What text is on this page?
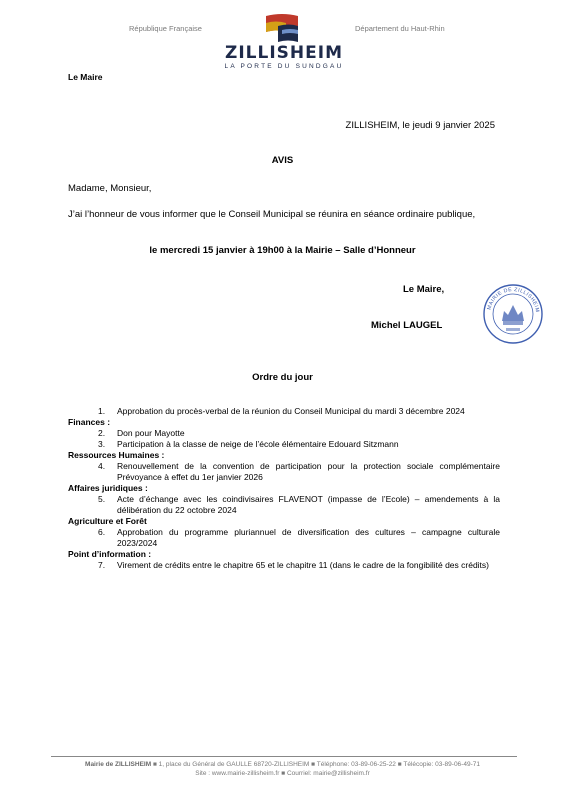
République Française	Département du Haut-Rhin
ZILLISHEIM
LA PORTE DU SUNDGAU
Le Maire
ZILLISHEIM, le jeudi 9 janvier 2025
AVIS
Madame, Monsieur,
J’ai l’honneur de vous informer que le Conseil Municipal se réunira en séance ordinaire publique,
le mercredi 15 janvier à 19h00 à la Mairie – Salle d’Honneur
Le Maire,
Michel LAUGEL
MAIRIE DE ZILLISHEIM
Ordre du jour
1.	Approbation du procès-verbal de la réunion du Conseil Municipal du mardi 3 décembre 2024
Finances :
2.	Don pour Mayotte
3.	Participation à la classe de neige de l’école élémentaire Edouard Sitzmann
Ressources Humaines :
4.	Renouvellement de la convention de participation pour la protection sociale complémentaire Prévoyance à effet du 1er janvier 2026
Affaires juridiques :
5.	Acte d’échange avec les coindivisaires FLAVENOT (impasse de l’Ecole) – amendements à la délibération du 22 octobre 2024
Agriculture et Forêt
6.	Approbation du programme pluriannuel de diversification des cultures – campagne culturale 2023/2024
Point d’information :
7.	Virement de crédits entre le chapitre 65 et le chapitre 11 (dans le cadre de la fongibilité des crédits)
Mairie de ZILLISHEIM ■ 1, place du Général de GAULLE 68720-ZILLISHEIM ■ Téléphone: 03-89-06-25-22 ■ Télécopie: 03-89-06-49-71
Site : www.mairie-zillisheim.fr ■ Courriel: mairie@zillisheim.fr
